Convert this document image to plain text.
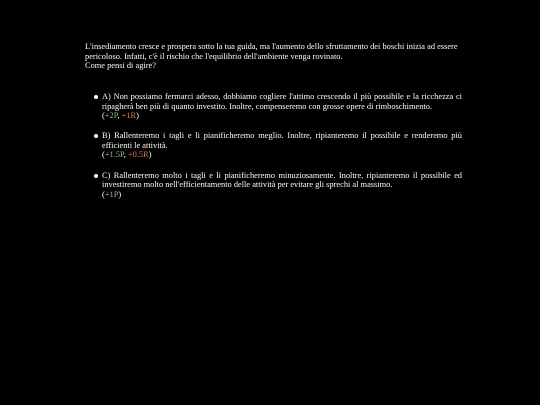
L'insediamento cresce e prospera sotto la tua guida, ma l'aumento dello sfruttamento dei boschi inizia ad essere pericoloso. Infatti, c'è il rischio che l'equilibrio dell'ambiente venga rovinato.

Come pensi di agire?

A) Non possiamo fermarci adesso, dobbiamo cogliere l'attimo crescendo il più possibile e la ricchezza ci ripagherà ben più di quanto investito. Inoltre, compenseremo con grosse opere di rimboschimento.
(+2P, +1R)
B) Rallenteremo i tagli e li pianificheremo meglio. Inoltre, ripianteremo il possibile e renderemo più efficienti le attività.
(+1.5P, +0.5R)
C) Rallenteremo molto i tagli e li pianificheremo minuziosamente. Inoltre, ripianteremo il possibile ed investiremo molto nell'efficientamento delle attività per evitare gli sprechi al massimo.
(+1P)
